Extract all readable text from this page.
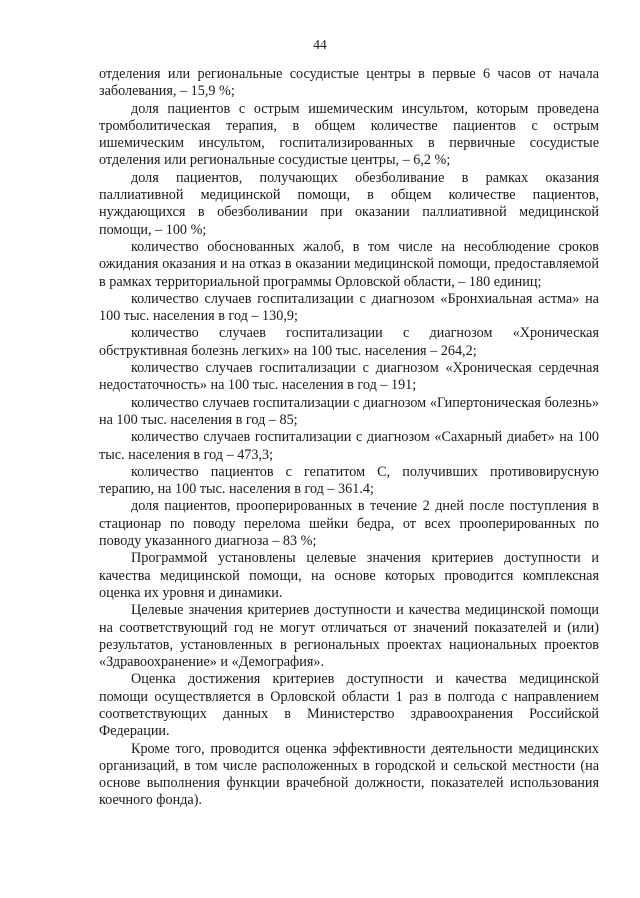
44

отделения или региональные сосудистые центры в первые 6 часов от начала заболевания, – 15,9 %;

доля пациентов с острым ишемическим инсультом, которым проведена тромболитическая терапия, в общем количестве пациентов с острым ишемическим инсультом, госпитализированных в первичные сосудистые отделения или региональные сосудистые центры, – 6,2 %;

доля пациентов, получающих обезболивание в рамках оказания паллиативной медицинской помощи, в общем количестве пациентов, нуждающихся в обезболивании при оказании паллиативной медицинской помощи, – 100 %;

количество обоснованных жалоб, в том числе на несоблюдение сроков ожидания оказания и на отказ в оказании медицинской помощи, предоставляемой в рамках территориальной программы Орловской области, – 180 единиц;

количество случаев госпитализации с диагнозом «Бронхиальная астма» на 100 тыс. населения в год – 130,9;

количество случаев госпитализации с диагнозом «Хроническая обструктивная болезнь легких» на 100 тыс. населения – 264,2;

количество случаев госпитализации с диагнозом «Хроническая сердечная недостаточность» на 100 тыс. населения в год – 191;

количество случаев госпитализации с диагнозом «Гипертоническая болезнь» на 100 тыс. населения в год – 85;

количество случаев госпитализации с диагнозом «Сахарный диабет» на 100 тыс. населения в год – 473,3;

количество пациентов с гепатитом С, получивших противовирусную терапию, на 100 тыс. населения в год – 361.4;

доля пациентов, прооперированных в течение 2 дней после поступления в стационар по поводу перелома шейки бедра, от всех прооперированных по поводу указанного диагноза – 83 %;

Программой установлены целевые значения критериев доступности и качества медицинской помощи, на основе которых проводится комплексная оценка их уровня и динамики.

Целевые значения критериев доступности и качества медицинской помощи на соответствующий год не могут отличаться от значений показателей и (или) результатов, установленных в региональных проектах национальных проектов «Здравоохранение» и «Демография».

Оценка достижения критериев доступности и качества медицинской помощи осуществляется в Орловской области 1 раз в полгода с направлением соответствующих данных в Министерство здравоохранения Российской Федерации.

Кроме того, проводится оценка эффективности деятельности медицинских организаций, в том числе расположенных в городской и сельской местности (на основе выполнения функции врачебной должности, показателей использования коечного фонда).
